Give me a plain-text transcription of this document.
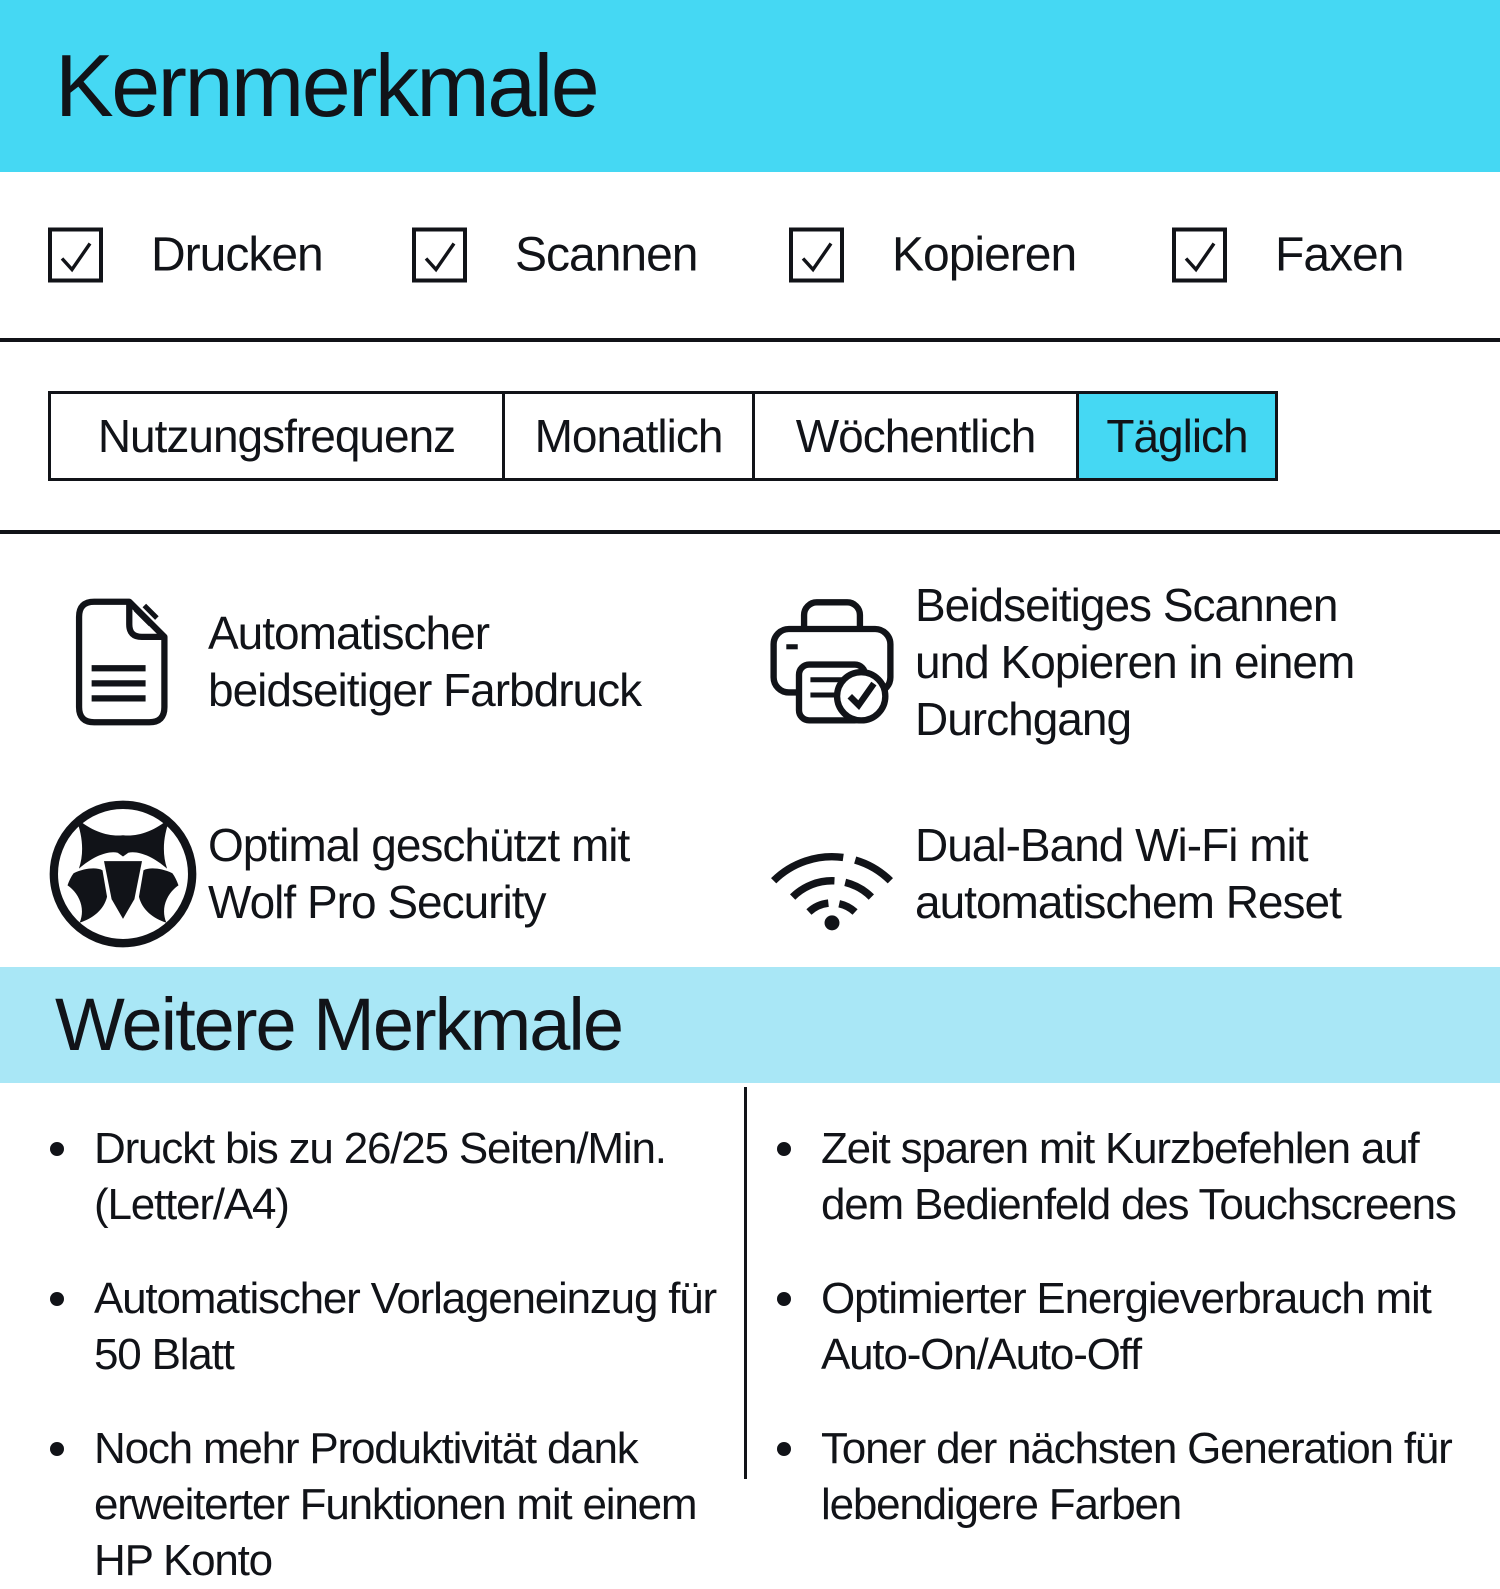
Kernmerkmale
Drucken	Scannen	Kopieren	Faxen
Nutzungsfrequenz	Monatlich	Wöchentlich	Täglich
Automatischer beidseitiger Farbdruck
Beidseitiges Scannen und Kopieren in einem Durchgang
Optimal geschützt mit Wolf Pro Security
Dual-Band Wi-Fi mit automatischem Reset
Weitere Merkmale
Druckt bis zu 26/25 Seiten/Min. (Letter/A4)
Automatischer Vorlageneinzug für 50 Blatt
Noch mehr Produktivität dank erweiterter Funktionen mit einem HP Konto
Zeit sparen mit Kurzbefehlen auf dem Bedienfeld des Touchscreens
Optimierter Energieverbrauch mit Auto-On/Auto-Off
Toner der nächsten Generation für lebendigere Farben
